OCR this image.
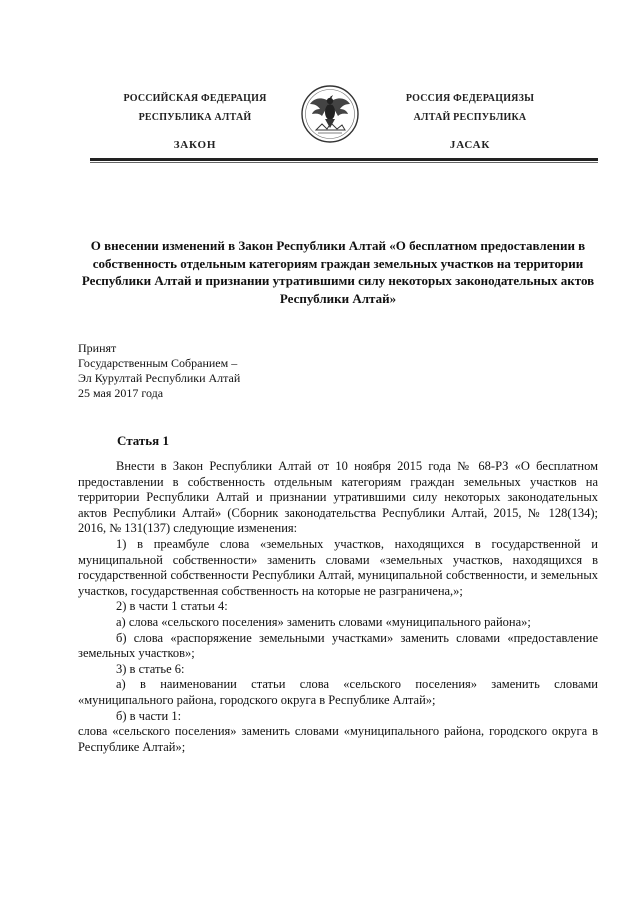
РОССИЙСКАЯ ФЕДЕРАЦИЯ
РЕСПУБЛИКА АЛТАЙ
ЗАКОН
РОССИЯ ФЕДЕРАЦИЯЗЫ
АЛТАЙ РЕСПУБЛИКА
JАСАК
О внесении изменений в Закон Республики Алтай «О бесплатном предоставлении в собственность отдельным категориям граждан земельных участков на территории Республики Алтай и признании утратившими силу некоторых законодательных актов Республики Алтай»
Принят
Государственным Собранием –
Эл Курултай Республики Алтай
25 мая 2017 года
Статья 1

Внести в Закон Республики Алтай от 10 ноября 2015 года № 68-РЗ «О бесплатном предоставлении в собственность отдельным категориям граждан земельных участков на территории Республики Алтай и признании утратившими силу некоторых законодательных актов Республики Алтай» (Сборник законодательства Республики Алтай, 2015, № 128(134); 2016, № 131(137) следующие изменения:

1) в преамбуле слова «земельных участков, находящихся в государственной и муниципальной собственности» заменить словами «земельных участков, находящихся в государственной собственности Республики Алтай, муниципальной собственности, и земельных участков, государственная собственность на которые не разграничена,»;

2) в части 1 статьи 4:

а) слова «сельского поселения» заменить словами «муниципального района»;

б) слова «распоряжение земельными участками» заменить словами «предоставление земельных участков»;

3) в статье 6:

а) в наименовании статьи слова «сельского поселения» заменить словами «муниципального района, городского округа в Республике Алтай»;

б) в части 1:

слова «сельского поселения» заменить словами «муниципального района, городского округа в Республике Алтай»;
